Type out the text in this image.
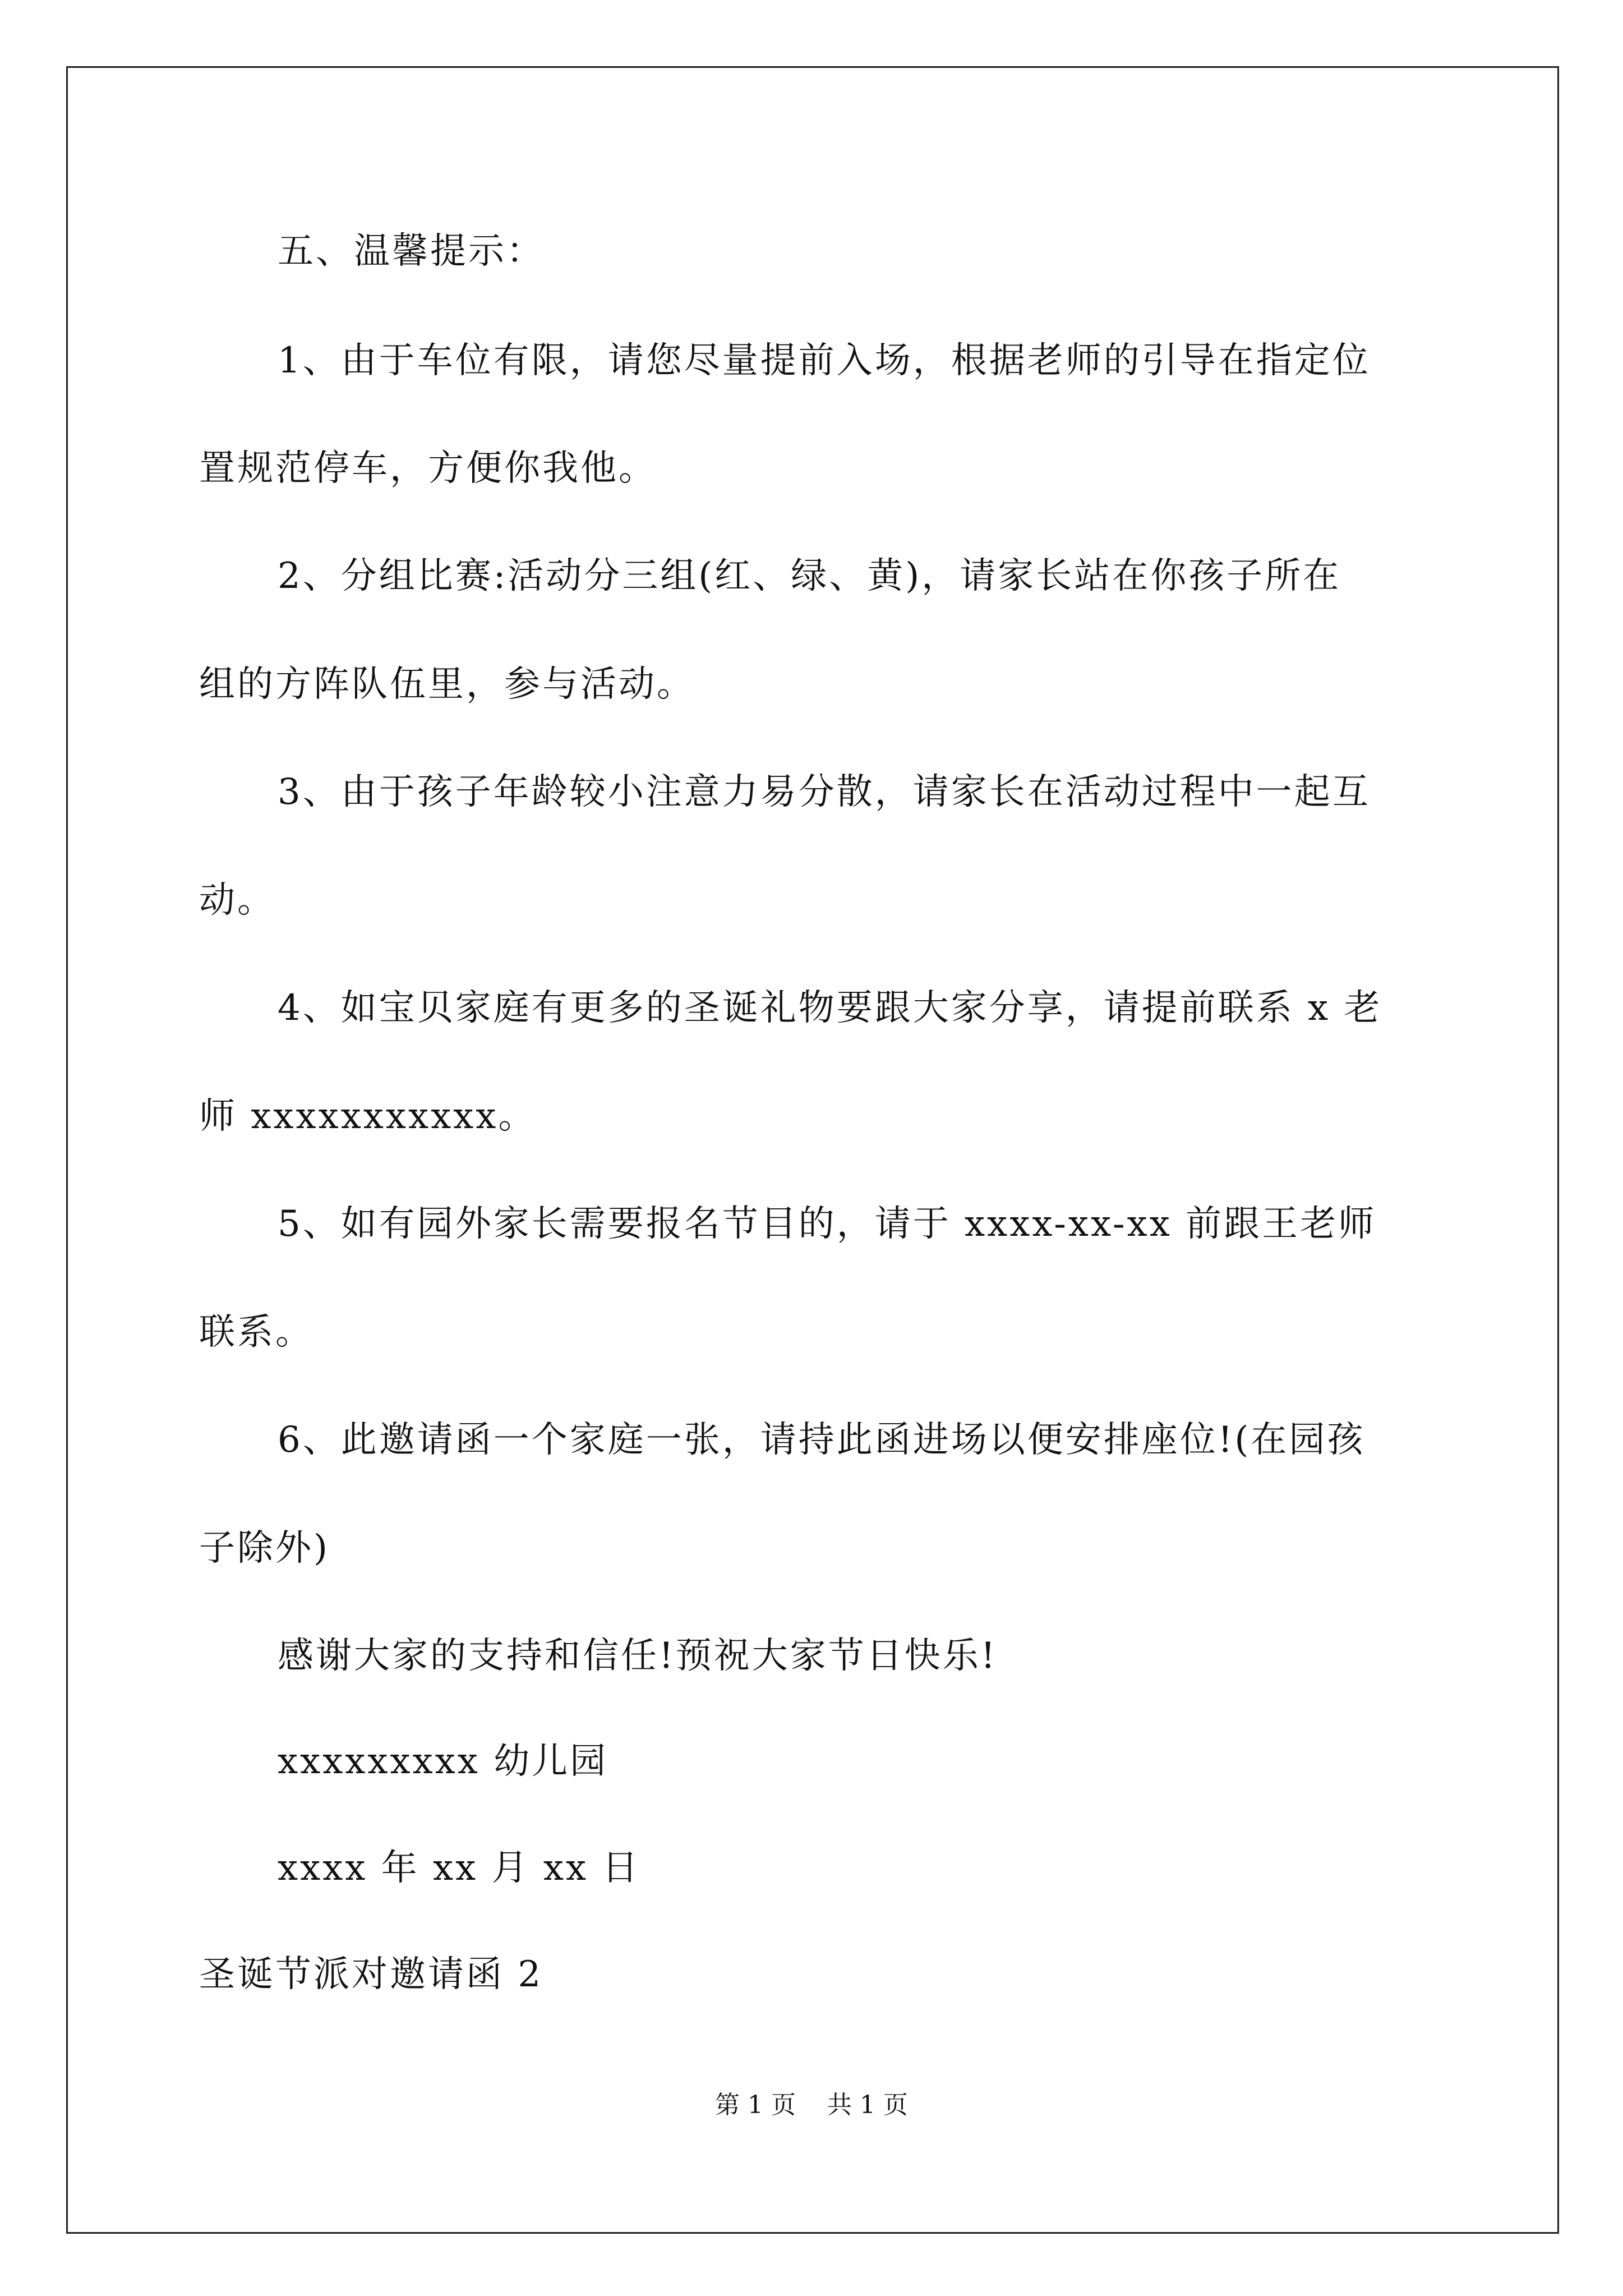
五、温馨提示：
1、由于车位有限，请您尽量提前入场，根据老师的引导在指定位
置规范停车，方便你我他。
2、分组比赛:活动分三组(红、绿、黄)，请家长站在你孩子所在
组的方阵队伍里，参与活动。
3、由于孩子年龄较小注意力易分散，请家长在活动过程中一起互
动。
4、如宝贝家庭有更多的圣诞礼物要跟大家分享，请提前联系 x 老
师 xxxxxxxxxxx。
5、如有园外家长需要报名节目的，请于 xxxx-xx-xx 前跟王老师
联系。
6、此邀请函一个家庭一张，请持此函进场以便安排座位!(在园孩
子除外)
感谢大家的支持和信任!预祝大家节日快乐!
xxxxxxxxx 幼儿园
xxxx 年 xx 月 xx 日
圣诞节派对邀请函 2
第 1 页    共 1 页
